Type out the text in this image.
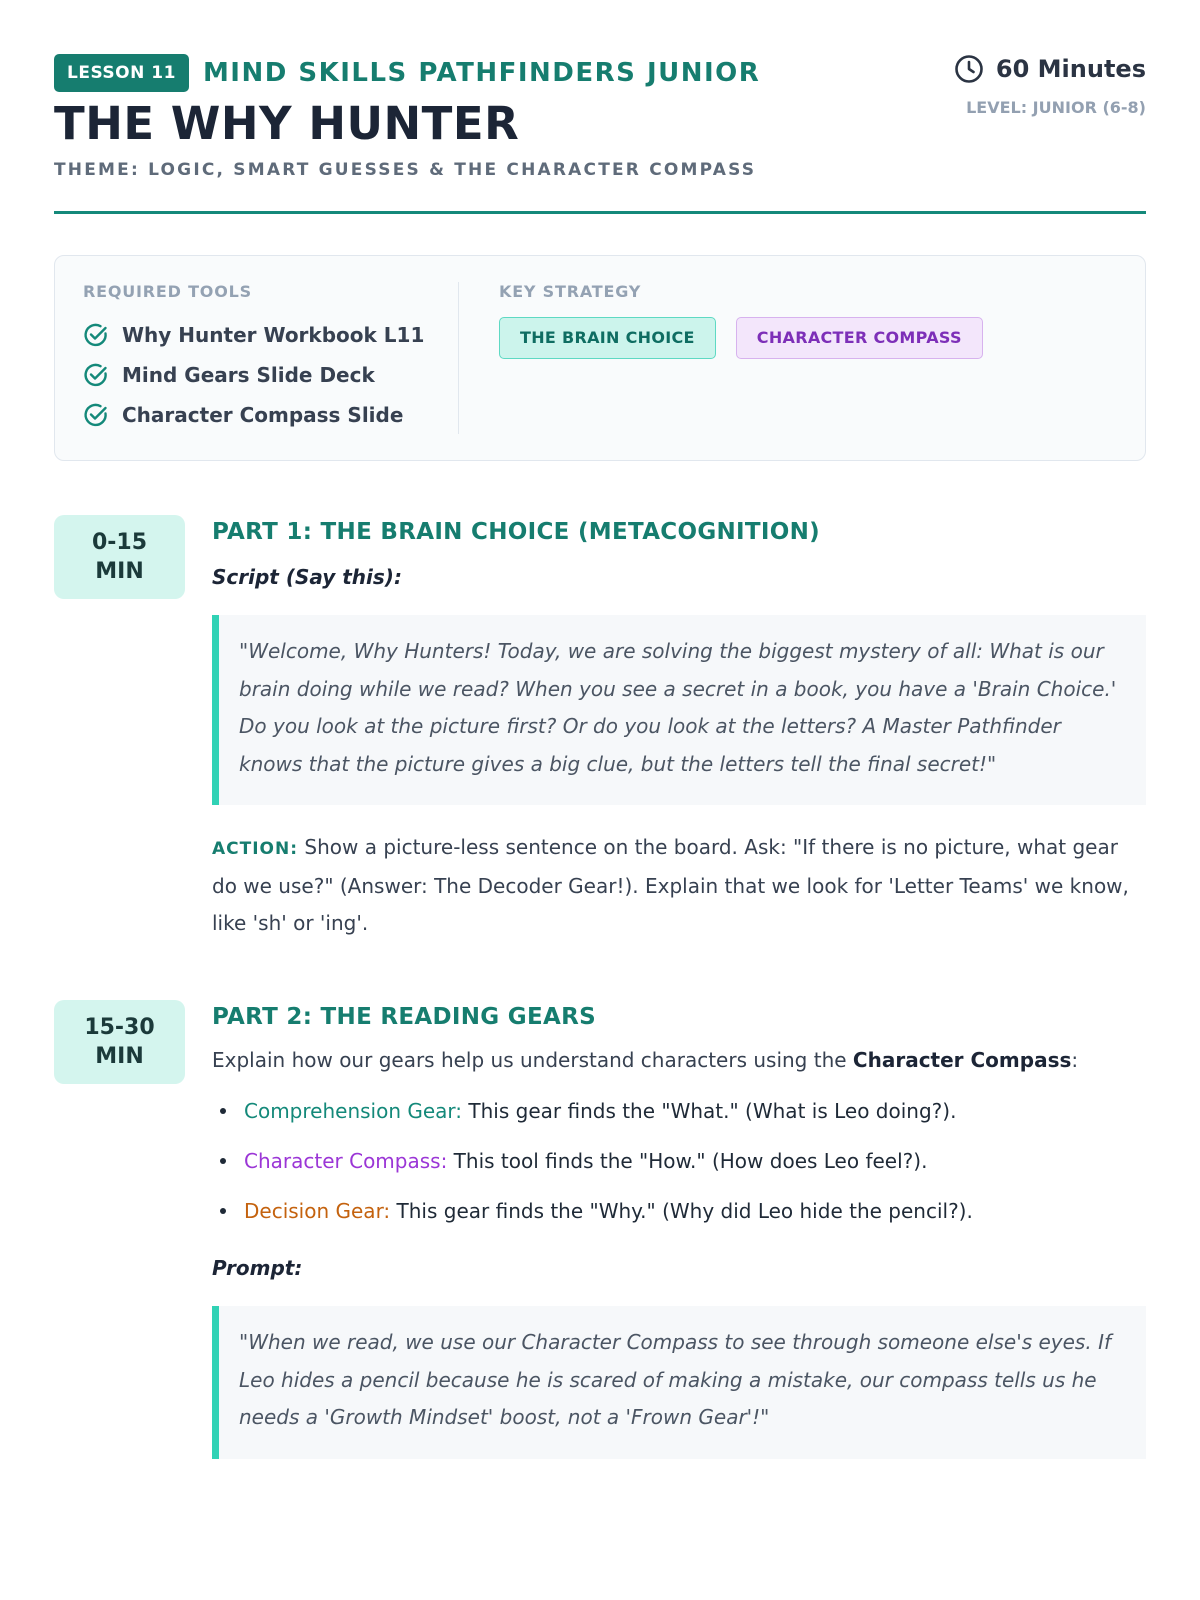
LESSON 11	MIND SKILLS PATHFINDERS JUNIOR
THE WHY HUNTER
THEME: LOGIC, SMART GUESSES & THE CHARACTER COMPASS
60 Minutes
LEVEL: JUNIOR (6-8)
REQUIRED TOOLS
Why Hunter Workbook L11
Mind Gears Slide Deck
Character Compass Slide
KEY STRATEGY
THE BRAIN CHOICE	CHARACTER COMPASS
0-15
MIN
PART 1: THE BRAIN CHOICE (METACOGNITION)
Script (Say this):
"Welcome, Why Hunters! Today, we are solving the biggest mystery of all: What is our brain doing while we read? When you see a secret in a book, you have a 'Brain Choice.' Do you look at the picture first? Or do you look at the letters? A Master Pathfinder knows that the picture gives a big clue, but the letters tell the final secret!"
ACTION: Show a picture-less sentence on the board. Ask: "If there is no picture, what gear do we use?" (Answer: The Decoder Gear!). Explain that we look for 'Letter Teams' we know, like 'sh' or 'ing'.
15-30
MIN
PART 2: THE READING GEARS
Explain how our gears help us understand characters using the Character Compass:
Comprehension Gear: This gear finds the "What." (What is Leo doing?).
Character Compass: This tool finds the "How." (How does Leo feel?).
Decision Gear: This gear finds the "Why." (Why did Leo hide the pencil?).
Prompt:
"When we read, we use our Character Compass to see through someone else's eyes. If Leo hides a pencil because he is scared of making a mistake, our compass tells us he needs a 'Growth Mindset' boost, not a 'Frown Gear'!"
